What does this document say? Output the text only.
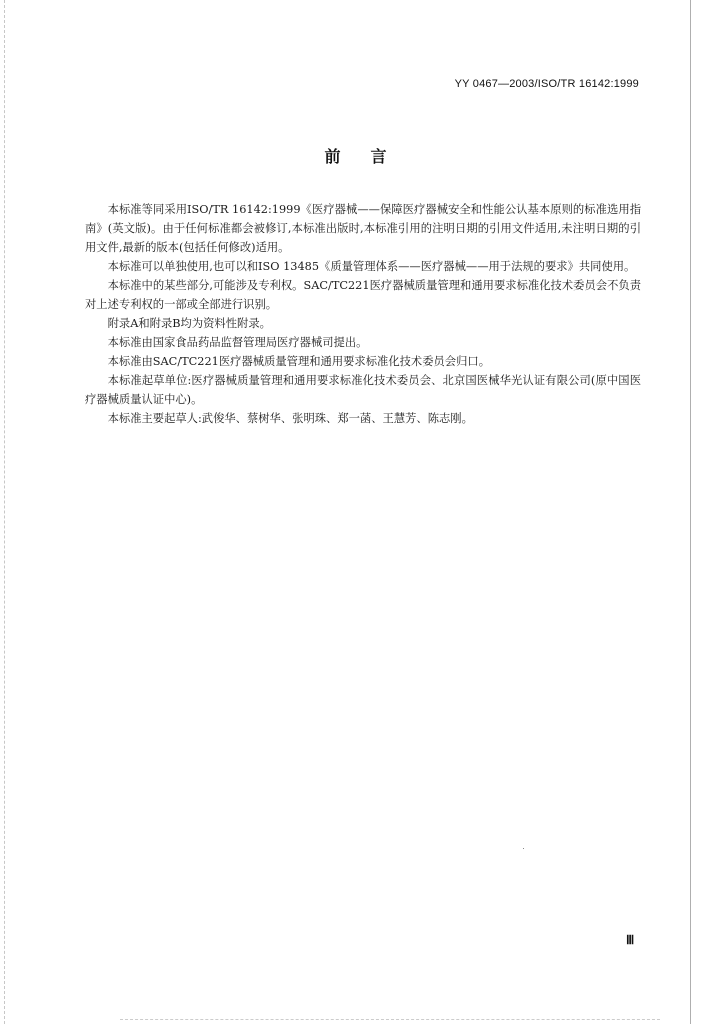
YY 0467—2003/ISO/TR 16142:1999
前言

本标准等同采用ISO/TR 16142:1999《医疗器械——保障医疗器械安全和性能公认基本原则的标准选用指南》(英文版)。由于任何标准都会被修订,本标准出版时,本标准引用的注明日期的引用文件适用,未注明日期的引用文件,最新的版本(包括任何修改)适用。

本标准可以单独使用,也可以和ISO 13485《质量管理体系——医疗器械——用于法规的要求》共同使用。

本标准中的某些部分,可能涉及专利权。SAC/TC221医疗器械质量管理和通用要求标准化技术委员会不负责对上述专利权的一部或全部进行识别。

附录A和附录B均为资料性附录。

本标准由国家食品药品监督管理局医疗器械司提出。

本标准由SAC/TC221医疗器械质量管理和通用要求标准化技术委员会归口。

本标准起草单位:医疗器械质量管理和通用要求标准化技术委员会、北京国医械华光认证有限公司(原中国医疗器械质量认证中心)。

本标准主要起草人:武俊华、蔡树华、张明珠、郑一菡、王慧芳、陈志刚。

Ⅲ
